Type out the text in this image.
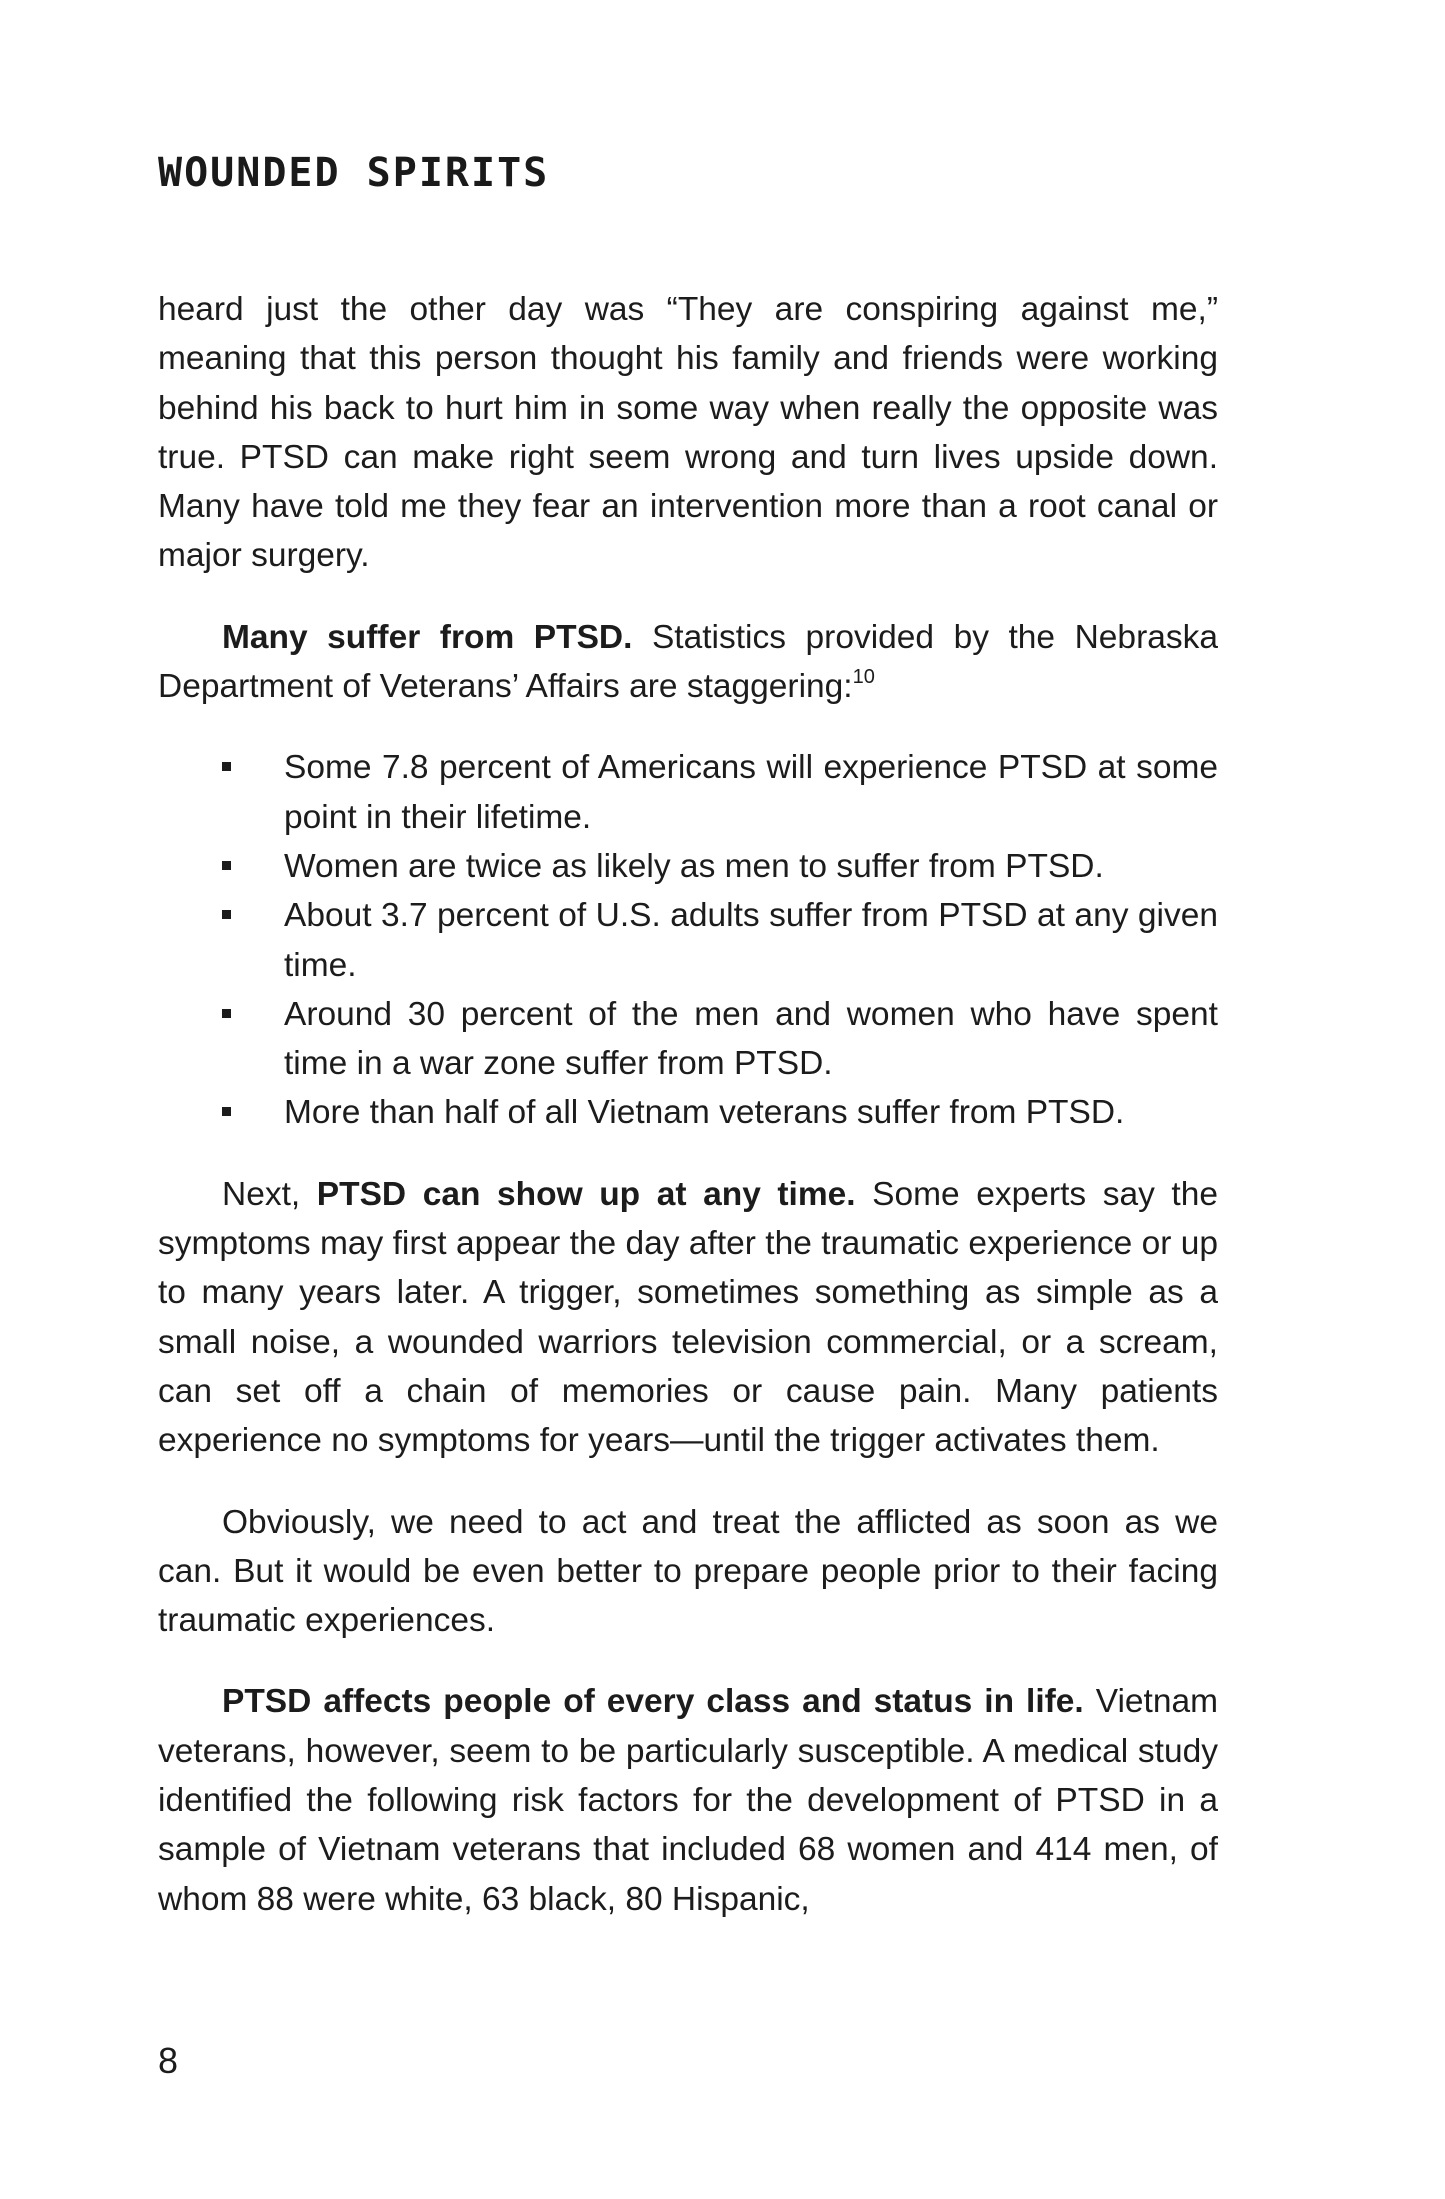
WOUNDED SPIRITS

heard just the other day was “They are conspiring against me,” meaning that this person thought his family and friends were working behind his back to hurt him in some way when really the opposite was true. PTSD can make right seem wrong and turn lives upside down. Many have told me they fear an intervention more than a root canal or major surgery.

Many suffer from PTSD. Statistics provided by the Nebraska Department of Veterans’ Affairs are staggering:$^{10}$

Some 7.8 percent of Americans will experience PTSD at some point in their lifetime.
Women are twice as likely as men to suffer from PTSD.
About 3.7 percent of U.S. adults suffer from PTSD at any given time.
Around 30 percent of the men and women who have spent time in a war zone suffer from PTSD.
More than half of all Vietnam veterans suffer from PTSD.

Next, PTSD can show up at any time. Some experts say the symptoms may first appear the day after the traumatic experience or up to many years later. A trigger, sometimes something as simple as a small noise, a wounded warriors television commercial, or a scream, can set off a chain of memories or cause pain. Many patients experience no symptoms for years—until the trigger activates them.

Obviously, we need to act and treat the afflicted as soon as we can. But it would be even better to prepare people prior to their facing traumatic experiences.

PTSD affects people of every class and status in life. Vietnam veterans, however, seem to be particularly susceptible. A medical study identified the following risk factors for the development of PTSD in a sample of Vietnam veterans that included 68 women and 414 men, of whom 88 were white, 63 black, 80 Hispanic,

8
